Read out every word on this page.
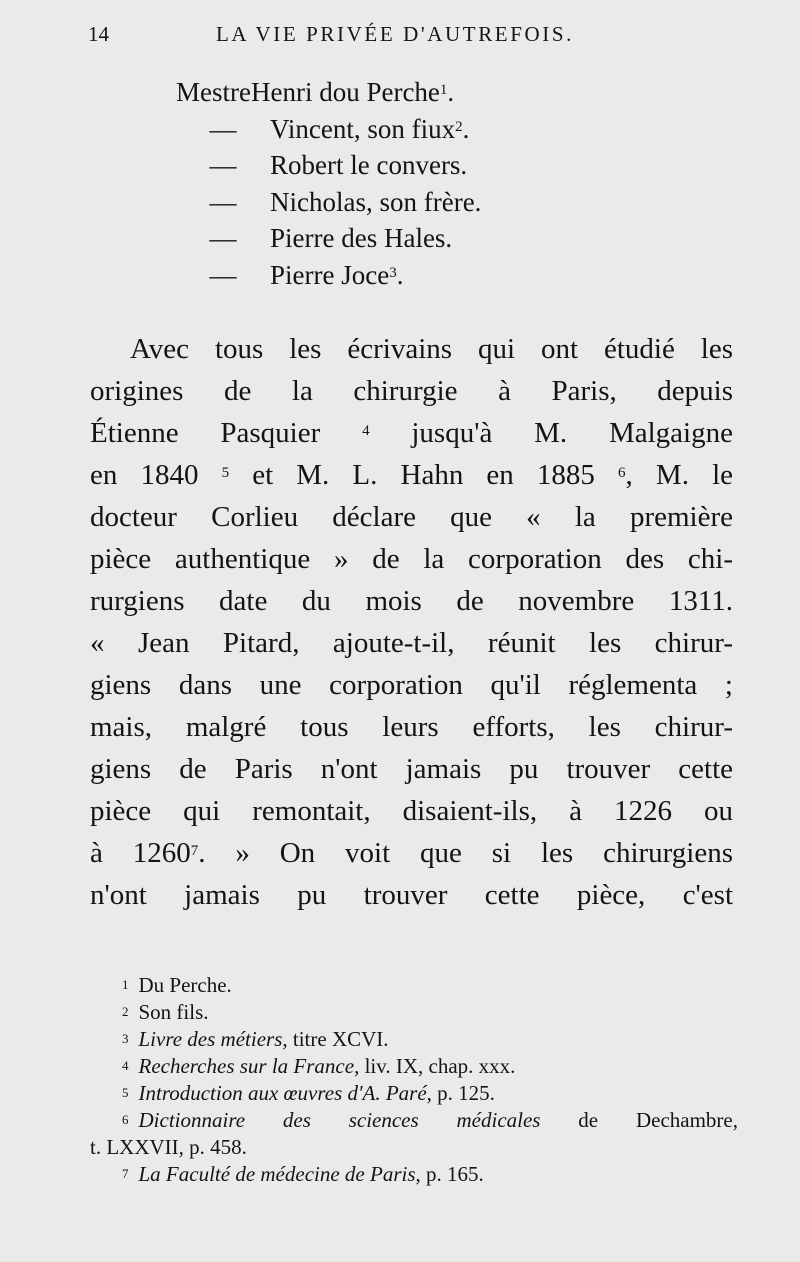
14	LA VIE PRIVÉE D'AUTREFOIS.
MestreHenri dou Perche$^1$.
— Vincent, son fiux$^2$.
— Robert le convers.
— Nicholas, son frère.
— Pierre des Hales.
— Pierre Joce$^3$.
Avec tous les écrivains qui ont étudié les
origines de la chirurgie à Paris, depuis
Étienne Pasquier $^4$ jusqu'à M. Malgaigne
en 1840 $^5$ et M. L. Hahn en 1885 $^6$, M. le
docteur Corlieu déclare que « la première
pièce authentique » de la corporation des chi-
rurgiens date du mois de novembre 1311.
« Jean Pitard, ajoute-t-il, réunit les chirur-
giens dans une corporation qu'il réglementa ;
mais, malgré tous leurs efforts, les chirur-
giens de Paris n'ont jamais pu trouver cette
pièce qui remontait, disaient-ils, à 1226 ou
à 1260$^7$. » On voit que si les chirurgiens
n'ont jamais pu trouver cette pièce, c'est
$^1$ Du Perche.
$^2$ Son fils.
$^3$ Livre des métiers, titre XCVI.
$^4$ Recherches sur la France, liv. IX, chap. xxx.
$^5$ Introduction aux œuvres d'A. Paré, p. 125.
$^6$ Dictionnaire des sciences médicales de Dechambre,
t. LXXVII, p. 458.
$^7$ La Faculté de médecine de Paris, p. 165.
